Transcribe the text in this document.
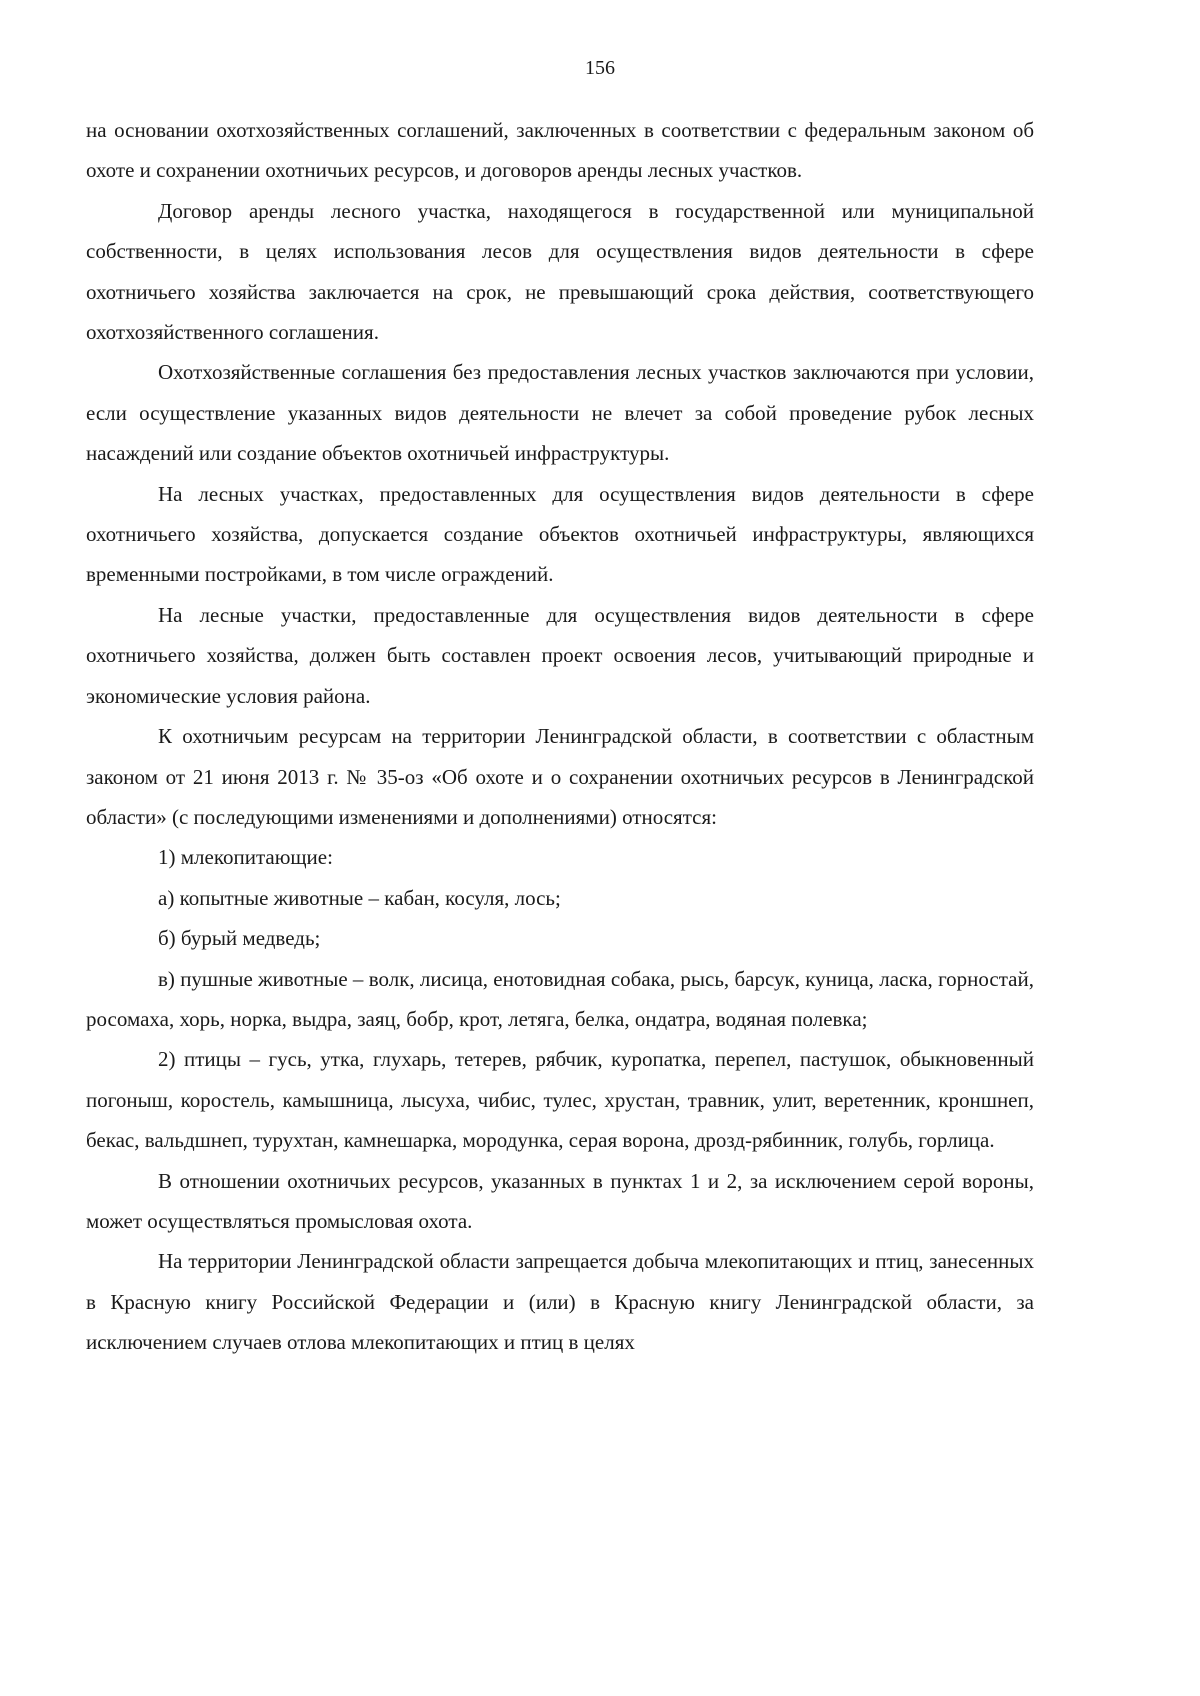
156

на основании охотхозяйственных соглашений, заключенных в соответствии с федеральным законом об охоте и сохранении охотничьих ресурсов, и договоров аренды лесных участков.

Договор аренды лесного участка, находящегося в государственной или муниципальной собственности, в целях использования лесов для осуществления видов деятельности в сфере охотничьего хозяйства заключается на срок, не превышающий срока действия, соответствующего охотхозяйственного соглашения.

Охотхозяйственные соглашения без предоставления лесных участков заключаются при условии, если осуществление указанных видов деятельности не влечет за собой проведение рубок лесных насаждений или создание объектов охотничьей инфраструктуры.

На лесных участках, предоставленных для осуществления видов деятельности в сфере охотничьего хозяйства, допускается создание объектов охотничьей инфраструктуры, являющихся временными постройками, в том числе ограждений.

На лесные участки, предоставленные для осуществления видов деятельности в сфере охотничьего хозяйства, должен быть составлен проект освоения лесов, учитывающий природные и экономические условия района.

К охотничьим ресурсам на территории Ленинградской области, в соответствии с областным законом от 21 июня 2013 г. № 35-оз «Об охоте и о сохранении охотничьих ресурсов в Ленинградской области» (с последующими изменениями и дополнениями) относятся:

1) млекопитающие:

а) копытные животные – кабан, косуля, лось;

б) бурый медведь;

в) пушные животные – волк, лисица, енотовидная собака, рысь, барсук, куница, ласка, горностай, росомаха, хорь, норка, выдра, заяц, бобр, крот, летяга, белка, ондатра, водяная полевка;

2) птицы – гусь, утка, глухарь, тетерев, рябчик, куропатка, перепел, пастушок, обыкновенный погоныш, коростель, камышница, лысуха, чибис, тулес, хрустан, травник, улит, веретенник, кроншнеп, бекас, вальдшнеп, турухтан, камнешарка, мородунка, серая ворона, дрозд-рябинник, голубь, горлица.

В отношении охотничьих ресурсов, указанных в пунктах 1 и 2, за исключением серой вороны, может осуществляться промысловая охота.

На территории Ленинградской области запрещается добыча млекопитающих и птиц, занесенных в Красную книгу Российской Федерации и (или) в Красную книгу Ленинградской области, за исключением случаев отлова млекопитающих и птиц в целях
